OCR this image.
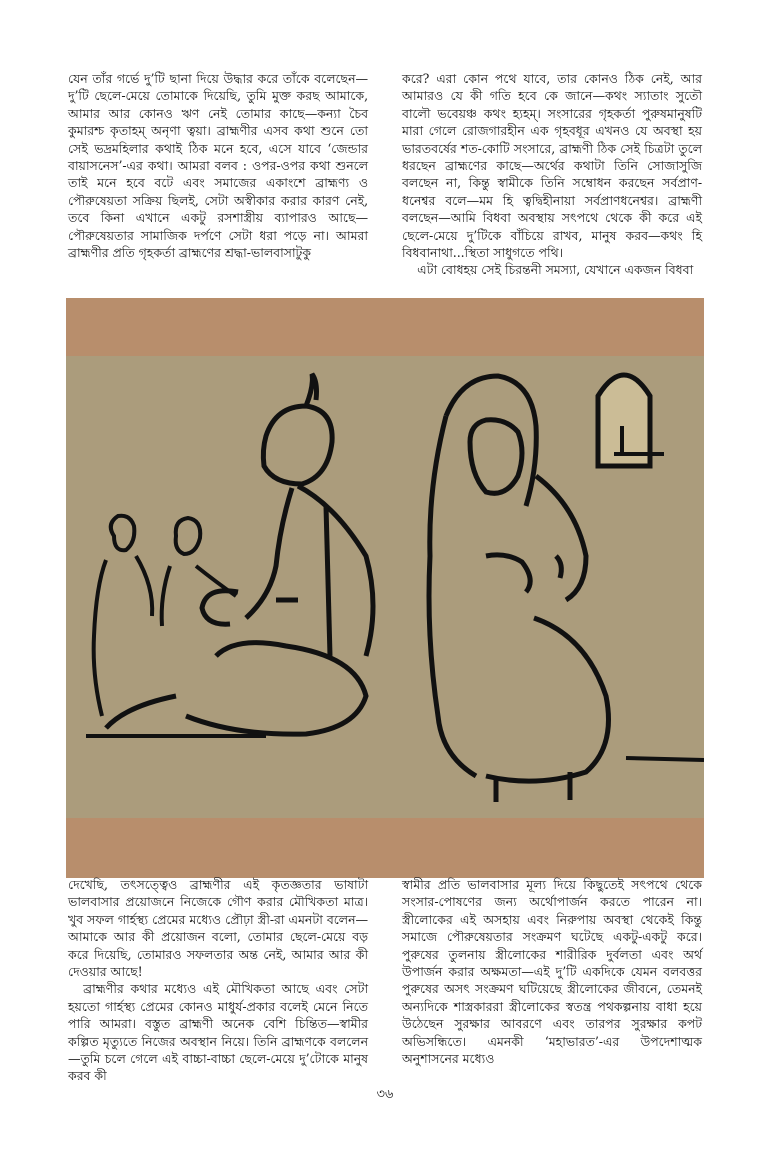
যেন তাঁর গর্ভে দু’টি ছানা দিয়ে উদ্ধার করে তাঁকে বলেছেন—দু’টি ছেলে-মেয়ে তোমাকে দিয়েছি, তুমি মুক্ত করছ আমাকে, আমার আর কোনও ঋণ নেই তোমার কাছে—কন্যা চৈব কুমারশ্চ কৃতাহম্ অনৃণা ত্বয়া। ব্রাহ্মণীর এসব কথা শুনে তো সেই ভদ্রমহিলার কথাই ঠিক মনে হবে, এসে যাবে ‘জেন্ডার বায়াসনেস’-এর কথা। আমরা বলব : ওপর-ওপর কথা শুনলে তাই মনে হবে বটে এবং সমাজের একাংশে ব্রাহ্মণ্য ও পৌরুষেয়তা সক্রিয় ছিলই, সেটা অস্বীকার করার কারণ নেই, তবে কিনা এখানে একটু রসশাস্ত্রীয় ব্যাপারও আছে—পৌরুষেয়তার সামাজিক দর্পণে সেটা ধরা পড়ে না। আমরা ব্রাহ্মণীর প্রতি গৃহকর্তা ব্রাহ্মণের শ্রদ্ধা-ভালবাসাটুকু

করে? এরা কোন পথে যাবে, তার কোনও ঠিক নেই, আর আমারও যে কী গতি হবে কে জানে—কথং স্যাতাং সুতৌ বালৌ ভবেয়ঞ্চ কথং হ্যহম্। সংসারের গৃহকর্তা পুরুষমানুষটি মারা গেলে রোজগারহীন এক গৃহবধূর এখনও যে অবস্থা হয় ভারতবর্ষের শত-কোটি সংসারে, ব্রাহ্মণী ঠিক সেই চিত্রটা তুলে ধরছেন ব্রাহ্মণের কাছে—অর্থের কথাটা তিনি সোজাসুজি বলছেন না, কিন্তু স্বামীকে তিনি সম্বোধন করছেন সর্বপ্রাণ-ধনেশ্বর বলে—মম হি ত্বদ্বিহীনায়া সর্বপ্রাণধনেশ্বর। ব্রাহ্মণী বলছেন—আমি বিধবা অবস্থায় সৎপথে থেকে কী করে এই ছেলে-মেয়ে দু’টিকে বাঁচিয়ে রাখব, মানুষ করব—কথং হি বিধবানাথা...স্থিতা সাধুগতে পথি।

এটা বোধহয় সেই চিরন্তনী সমস্যা, যেখানে একজন বিধবা

দেখেছি, তৎসত্ত্বেও ব্রাহ্মণীর এই কৃতজ্ঞতার ভাষাটা ভালবাসার প্রয়োজনে নিজেকে গৌণ করার মৌখিকতা মাত্র। খুব সফল গার্হস্থ্য প্রেমের মধ্যেও প্রৌঢ়া স্ত্রী-রা এমনটা বলেন—আমাকে আর কী প্রয়োজন বলো, তোমার ছেলে-মেয়ে বড় করে দিয়েছি, তোমারও সফলতার অন্ত নেই, আমার আর কী দেওয়ার আছে!

ব্রাহ্মণীর কথার মধ্যেও এই মৌখিকতা আছে এবং সেটা হয়তো গার্হস্থ্য প্রেমের কোনও মাধুর্য-প্রকার বলেই মেনে নিতে পারি আমরা। বস্তুত ব্রাহ্মণী অনেক বেশি চিন্তিত—স্বামীর কল্পিত মৃত্যুতে নিজের অবস্থান নিয়ে। তিনি ব্রাহ্মণকে বললেন—তুমি চলে গেলে এই বাচ্চা-বাচ্চা ছেলে-মেয়ে দু’টোকে মানুষ করব কী

স্বামীর প্রতি ভালবাসার মূল্য দিয়ে কিছুতেই সৎপথে থেকে সংসার-পোষণের জন্য অর্থোপার্জন করতে পারেন না। স্ত্রীলোকের এই অসহায় এবং নিরুপায় অবস্থা থেকেই কিন্তু সমাজে পৌরুষেয়তার সংক্রমণ ঘটেছে একটু-একটু করে। পুরুষের তুলনায় স্ত্রীলোকের শারীরিক দুর্বলতা এবং অর্থ উপার্জন করার অক্ষমতা—এই দু’টি একদিকে যেমন বলবত্তর পুরুষের অসৎ সংক্রমণ ঘটিয়েছে স্ত্রীলোকের জীবনে, তেমনই অন্যদিকে শাস্ত্রকাররা স্ত্রীলোকের স্বতন্ত্র পথকল্পনায় বাধা হয়ে উঠেছেন সুরক্ষার আবরণে এবং তারপর সুরক্ষার কপট অভিসন্ধিতে। এমনকী ‘মহাভারত’-এর উপদেশাত্মক অনুশাসনের মধ্যেও

৩৬
